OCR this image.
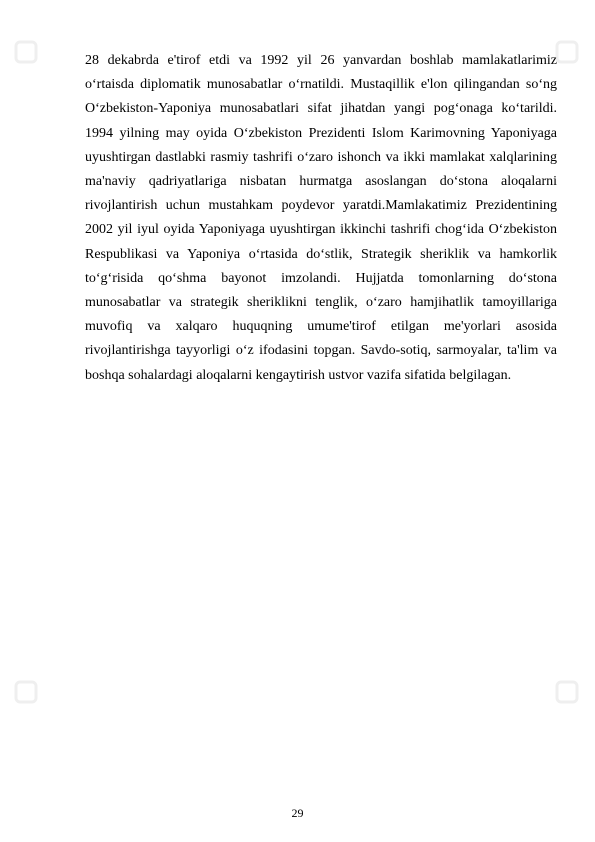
28 dekabrda e'tirof etdi va 1992 yil 26 yanvardan boshlab mamlakatlarimiz o‘rtaisda diplomatik munosabatlar o‘rnatildi. Mustaqillik e'lon qilingandan so‘ng O‘zbekiston-Yaponiya munosabatlari sifat jihatdan yangi pog‘onaga ko‘tarildi. 1994 yilning may oyida O‘zbekiston Prezidenti Islom Karimovning Yaponiyaga uyushtirgan dastlabki rasmiy tashrifi o‘zaro ishonch va ikki mamlakat xalqlarining ma'naviy qadriyatlariga nisbatan hurmatga asoslangan do‘stona aloqalarni rivojlantirish uchun mustahkam poydevor yaratdi.Mamlakatimiz Prezidentining 2002 yil iyul oyida Yaponiyaga uyushtirgan ikkinchi tashrifi chog‘ida O‘zbekiston Respublikasi va Yaponiya o‘rtasida do‘stlik, Strategik sheriklik va hamkorlik to‘g‘risida qo‘shma bayonot imzolandi. Hujjatda tomonlarning do‘stona munosabatlar va strategik sheriklikni tenglik, o‘zaro hamjihatlik tamoyillariga muvofiq va xalqaro huquqning umume'tirof etilgan me'yorlari asosida rivojlantirishga tayyorligi o‘z ifodasini topgan. Savdo-sotiq, sarmoyalar, ta'lim va boshqa sohalardagi aloqalarni kengaytirish ustvor vazifa sifatida belgilagan.

29
